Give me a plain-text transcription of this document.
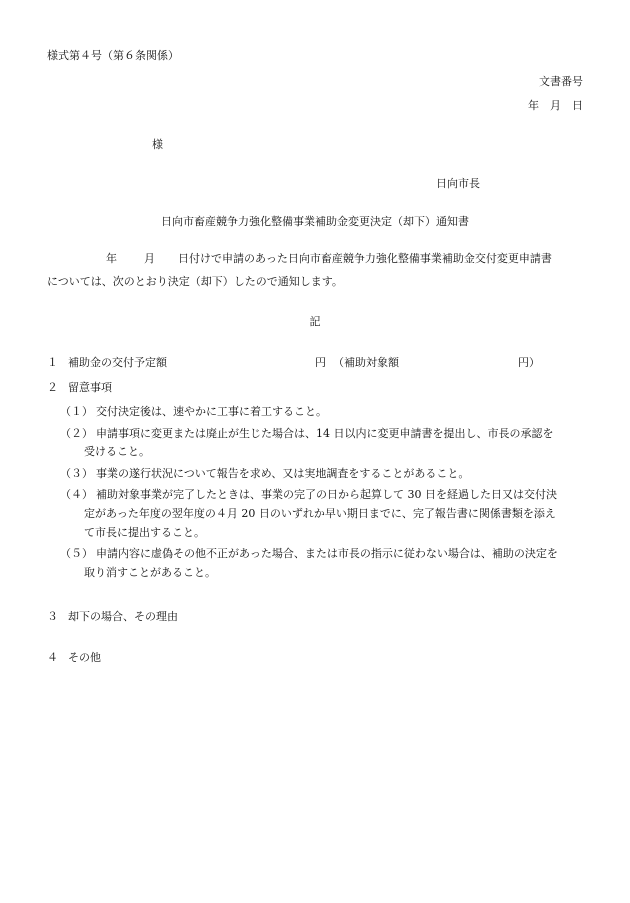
様式第４号（第６条関係）
文書番号
年　月　日
様
日向市長
日向市畜産競争力強化整備事業補助金変更決定（却下）通知書
年 月 日付けで申請のあった日向市畜産競争力強化整備事業補助金交付変更申請書
については、次のとおり決定（却下）したので通知します。
記
１ 補助金の交付予定額	円 （補助対象額	円）
２ 留意事項
（１） 交付決定後は、速やかに工事に着工すること。
（２） 申請事項に変更または廃止が生じた場合は、14 日以内に変更申請書を提出し、市長の承認を
受けること。
（３） 事業の遂行状況について報告を求め、又は実地調査をすることがあること。
（４） 補助対象事業が完了したときは、事業の完了の日から起算して 30 日を経過した日又は交付決
定があった年度の翌年度の４月 20 日のいずれか早い期日までに、完了報告書に関係書類を添え
て市長に提出すること。
（５） 申請内容に虚偽その他不正があった場合、または市長の指示に従わない場合は、補助の決定を
取り消すことがあること。
３ 却下の場合、その理由
４ その他
